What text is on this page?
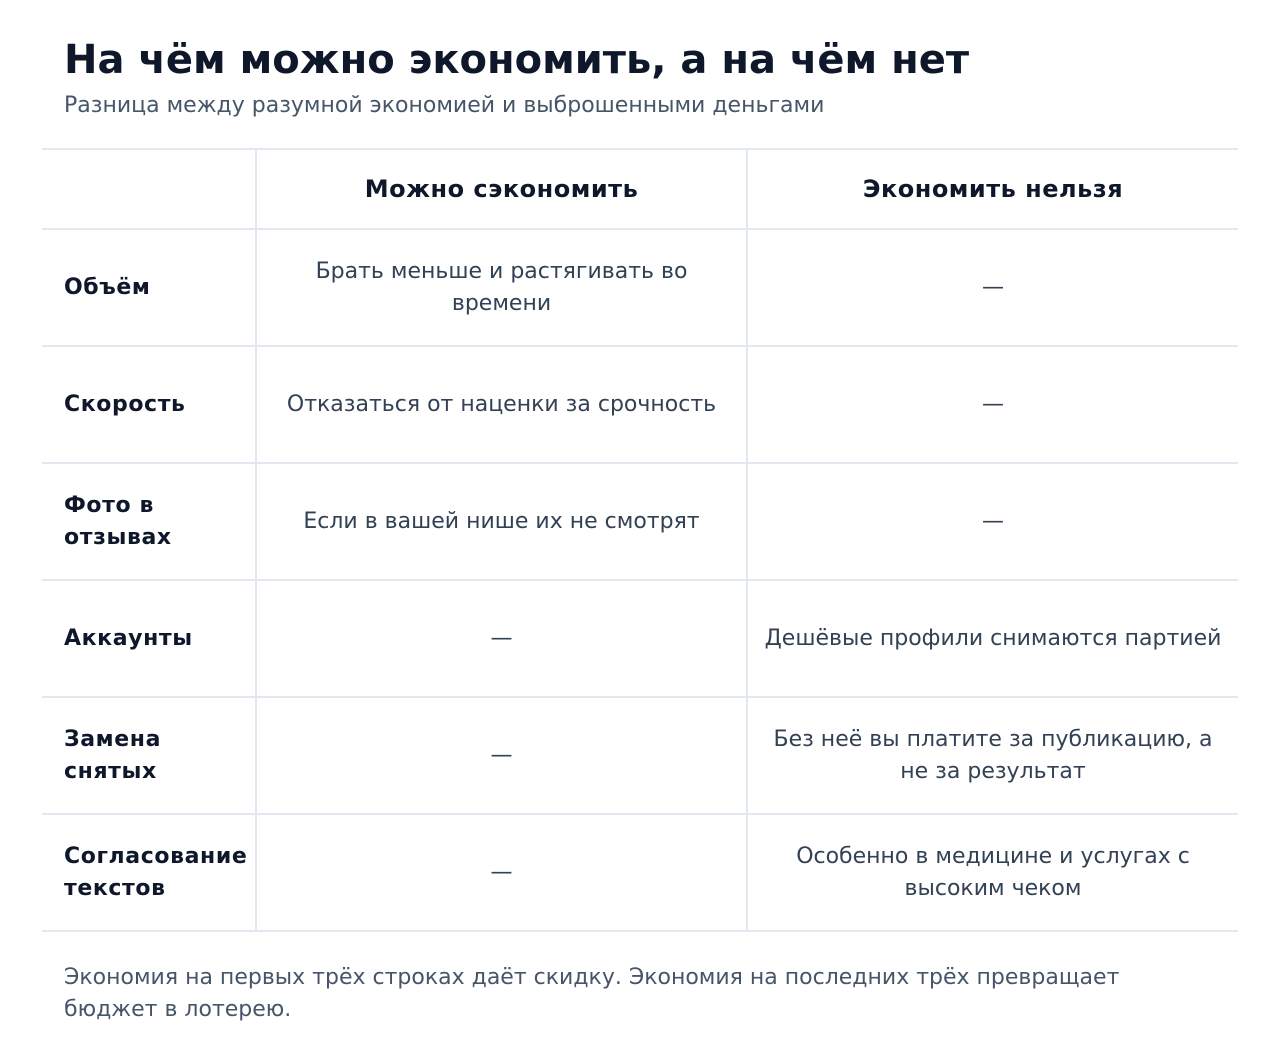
На чём можно экономить, а на чём нет

Разница между разумной экономией и выброшенными деньгами

	Можно сэкономить	Экономить нельзя
Объём	Брать меньше и растягивать во времени	—
Скорость	Отказаться от наценки за срочность	—
Фото в отзывах	Если в вашей нише их не смотрят	—
Аккаунты	—	Дешёвые профили снимаются партией
Замена снятых	—	Без неё вы платите за публикацию, а не за результат
Согласование текстов	—	Особенно в медицине и услугах с высоким чеком

Экономия на первых трёх строках даёт скидку. Экономия на последних трёх превращает бюджет в лотерею.
